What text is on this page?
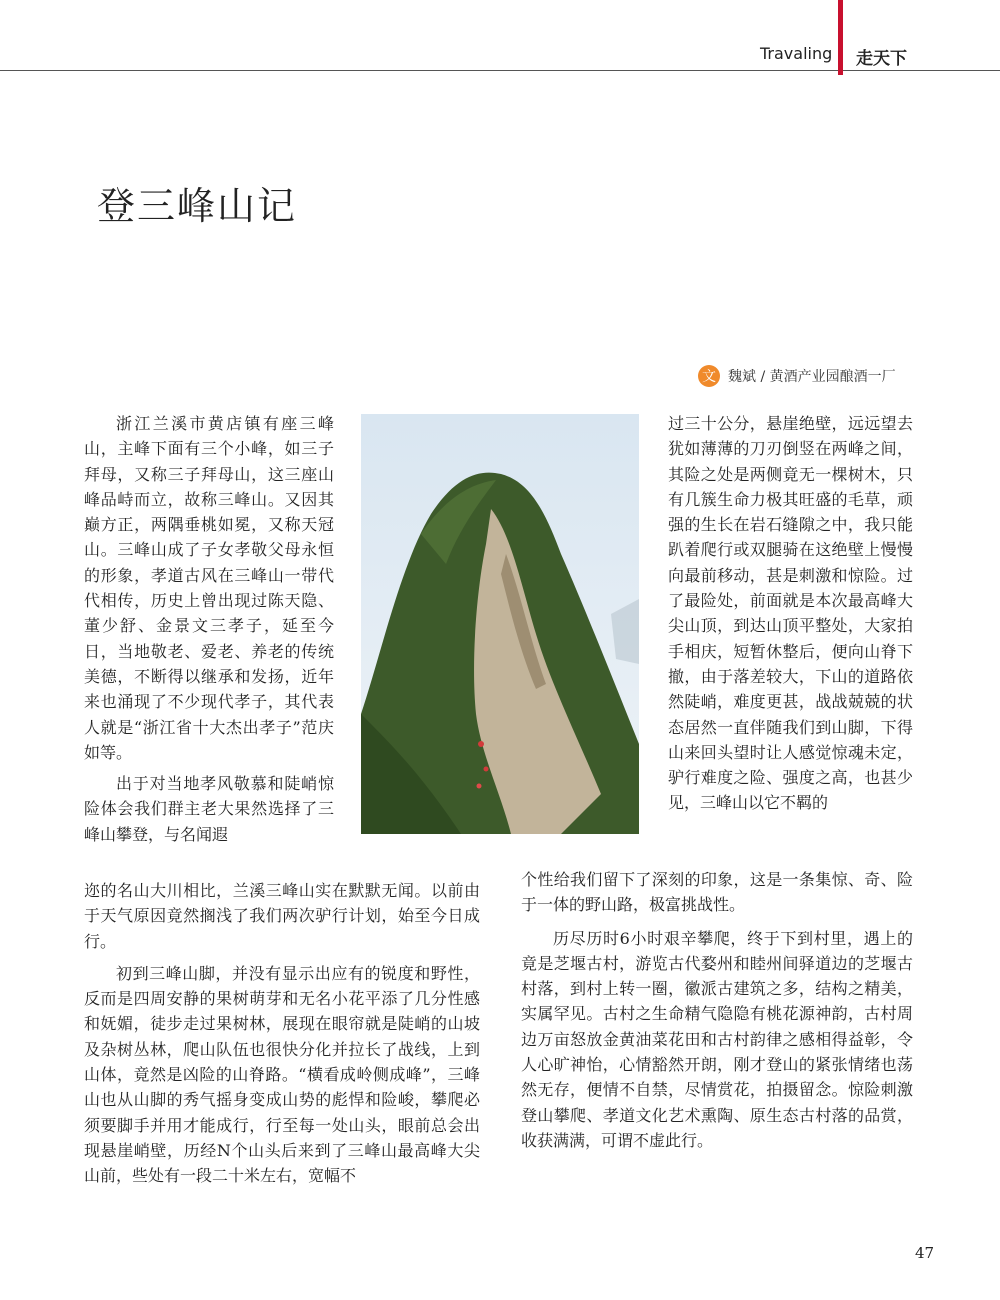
Travaling 走天下
登三峰山记
文 魏斌 / 黄酒产业园酿酒一厂

浙江兰溪市黄店镇有座三峰山，主峰下面有三个小峰，如三子拜母，又称三子拜母山，这三座山峰品峙而立，故称三峰山。又因其巅方正，两隅垂桃如冕，又称天冠山。三峰山成了子女孝敬父母永恒的形象，孝道古风在三峰山一带代代相传，历史上曾出现过陈天隐、董少舒、金景文三孝子，延至今日，当地敬老、爱老、养老的传统美德，不断得以继承和发扬，近年来也涌现了不少现代孝子，其代表人就是“浙江省十大杰出孝子”范庆如等。

出于对当地孝风敬慕和陡峭惊险体会我们群主老大果然选择了三峰山攀登，与名闻遐

过三十公分，悬崖绝壁，远远望去犹如薄薄的刀刃倒竖在两峰之间，其险之处是两侧竟无一棵树木，只有几簇生命力极其旺盛的毛草，顽强的生长在岩石缝隙之中，我只能趴着爬行或双腿骑在这绝壁上慢慢向最前移动，甚是刺激和惊险。过了最险处，前面就是本次最高峰大尖山顶，到达山顶平整处，大家拍手相庆，短暂休整后，便向山脊下撤，由于落差较大，下山的道路依然陡峭，难度更甚，战战兢兢的状态居然一直伴随我们到山脚，下得山来回头望时让人感觉惊魂未定，驴行难度之险、强度之高，也甚少见，三峰山以它不羁的

迩的名山大川相比，兰溪三峰山实在默默无闻。以前由于天气原因竟然搁浅了我们两次驴行计划，始至今日成行。

初到三峰山脚，并没有显示出应有的锐度和野性，反而是四周安静的果树萌芽和无名小花平添了几分性感和妩媚，徒步走过果树林，展现在眼帘就是陡峭的山坡及杂树丛林，爬山队伍也很快分化并拉长了战线，上到山体，竟然是凶险的山脊路。“横看成岭侧成峰”，三峰山也从山脚的秀气摇身变成山势的彪悍和险峻，攀爬必须要脚手并用才能成行，行至每一处山头，眼前总会出现悬崖峭壁，历经N个山头后来到了三峰山最高峰大尖山前，些处有一段二十米左右，宽幅不

个性给我们留下了深刻的印象，这是一条集惊、奇、险于一体的野山路，极富挑战性。

历尽历时6小时艰辛攀爬，终于下到村里，遇上的竟是芝堰古村，游览古代婺州和睦州间驿道边的芝堰古村落，到村上转一圈，徽派古建筑之多，结构之精美，实属罕见。古村之生命精气隐隐有桃花源神韵，古村周边万亩怒放金黄油菜花田和古村韵律之感相得益彰，令人心旷神怡，心情豁然开朗，刚才登山的紧张情绪也荡然无存，便情不自禁，尽情赏花，拍摄留念。惊险刺激登山攀爬、孝道文化艺术熏陶、原生态古村落的品赏，收获满满，可谓不虚此行。

47
